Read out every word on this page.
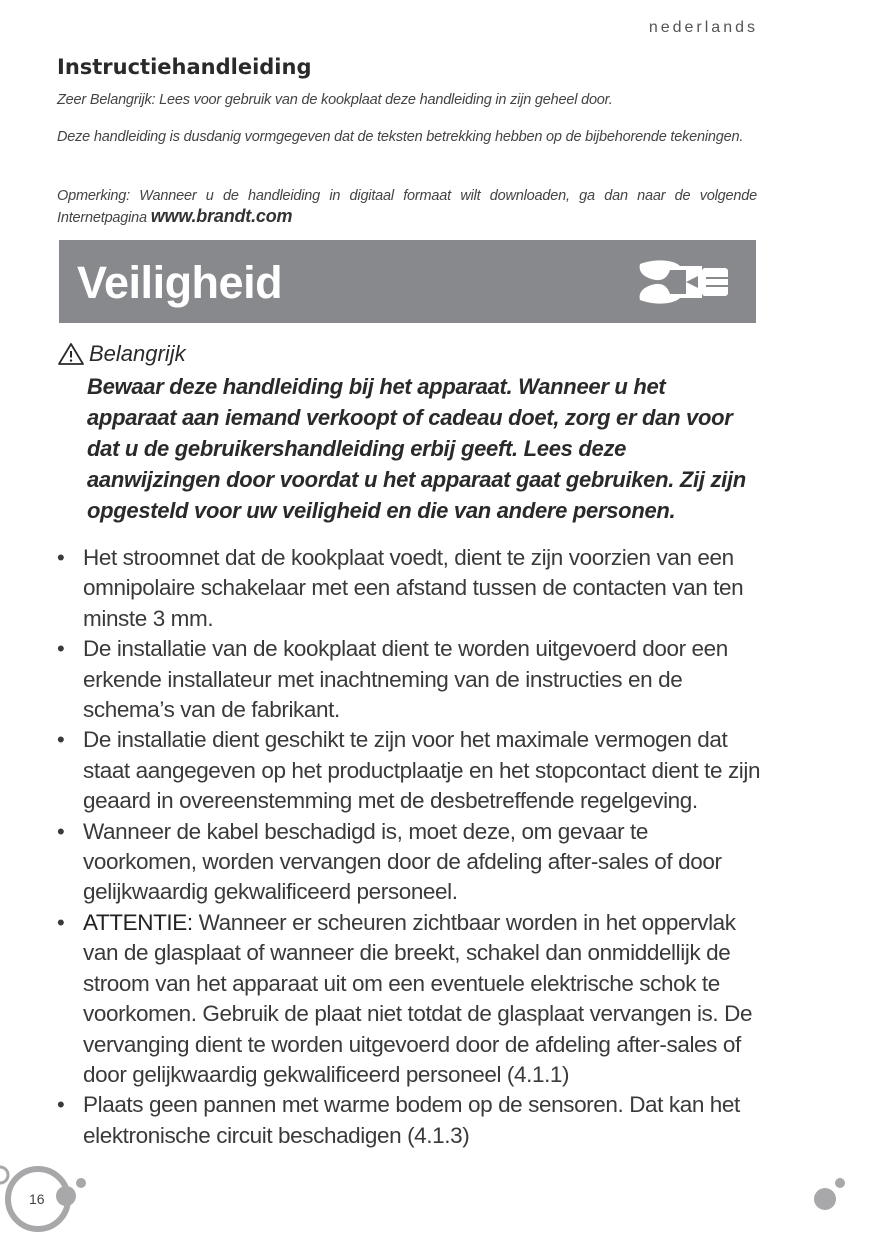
nederlands
Instructiehandleiding

Zeer Belangrijk: Lees voor gebruik van de kookplaat deze handleiding in zijn geheel door.

Deze handleiding is dusdanig vormgegeven dat de teksten betrekking hebben op de bijbehorende tekeningen.

Opmerking: Wanneer u de handleiding in digitaal formaat wilt downloaden, ga dan naar de volgende Internetpagina www.brandt.com

Veiligheid
Belangrijk
Bewaar deze handleiding bij het apparaat. Wanneer u het apparaat aan iemand verkoopt of cadeau doet, zorg er dan voor dat u de gebruikershandleiding erbij geeft. Lees deze aanwijzingen door voordat u het apparaat gaat gebruiken. Zij zijn opgesteld voor uw veiligheid en die van andere personen.
• Het stroomnet dat de kookplaat voedt, dient te zijn voorzien van een omnipolaire schakelaar met een afstand tussen de contacten van ten minste 3 mm.
• De installatie van de kookplaat dient te worden uitgevoerd door een erkende installateur met inachtneming van de instructies en de schema’s van de fabrikant.
• De installatie dient geschikt te zijn voor het maximale vermogen dat staat aangegeven op het productplaatje en het stopcontact dient te zijn geaard in overeenstemming met de desbetreffende regelgeving.
• Wanneer de kabel beschadigd is, moet deze, om gevaar te voorkomen, worden vervangen door de afdeling after-sales of door gelijkwaardig gekwalificeerd personeel.
• ATTENTIE: Wanneer er scheuren zichtbaar worden in het oppervlak van de glasplaat of wanneer die breekt, schakel dan onmiddellijk de stroom van het apparaat uit om een eventuele elektrische schok te voorkomen. Gebruik de plaat niet totdat de glasplaat vervangen is. De vervanging dient te worden uitgevoerd door de afdeling after-sales of door gelijkwaardig gekwalificeerd personeel (4.1.1)
• Plaats geen pannen met warme bodem op de sensoren. Dat kan het elektronische circuit beschadigen (4.1.3)
16
